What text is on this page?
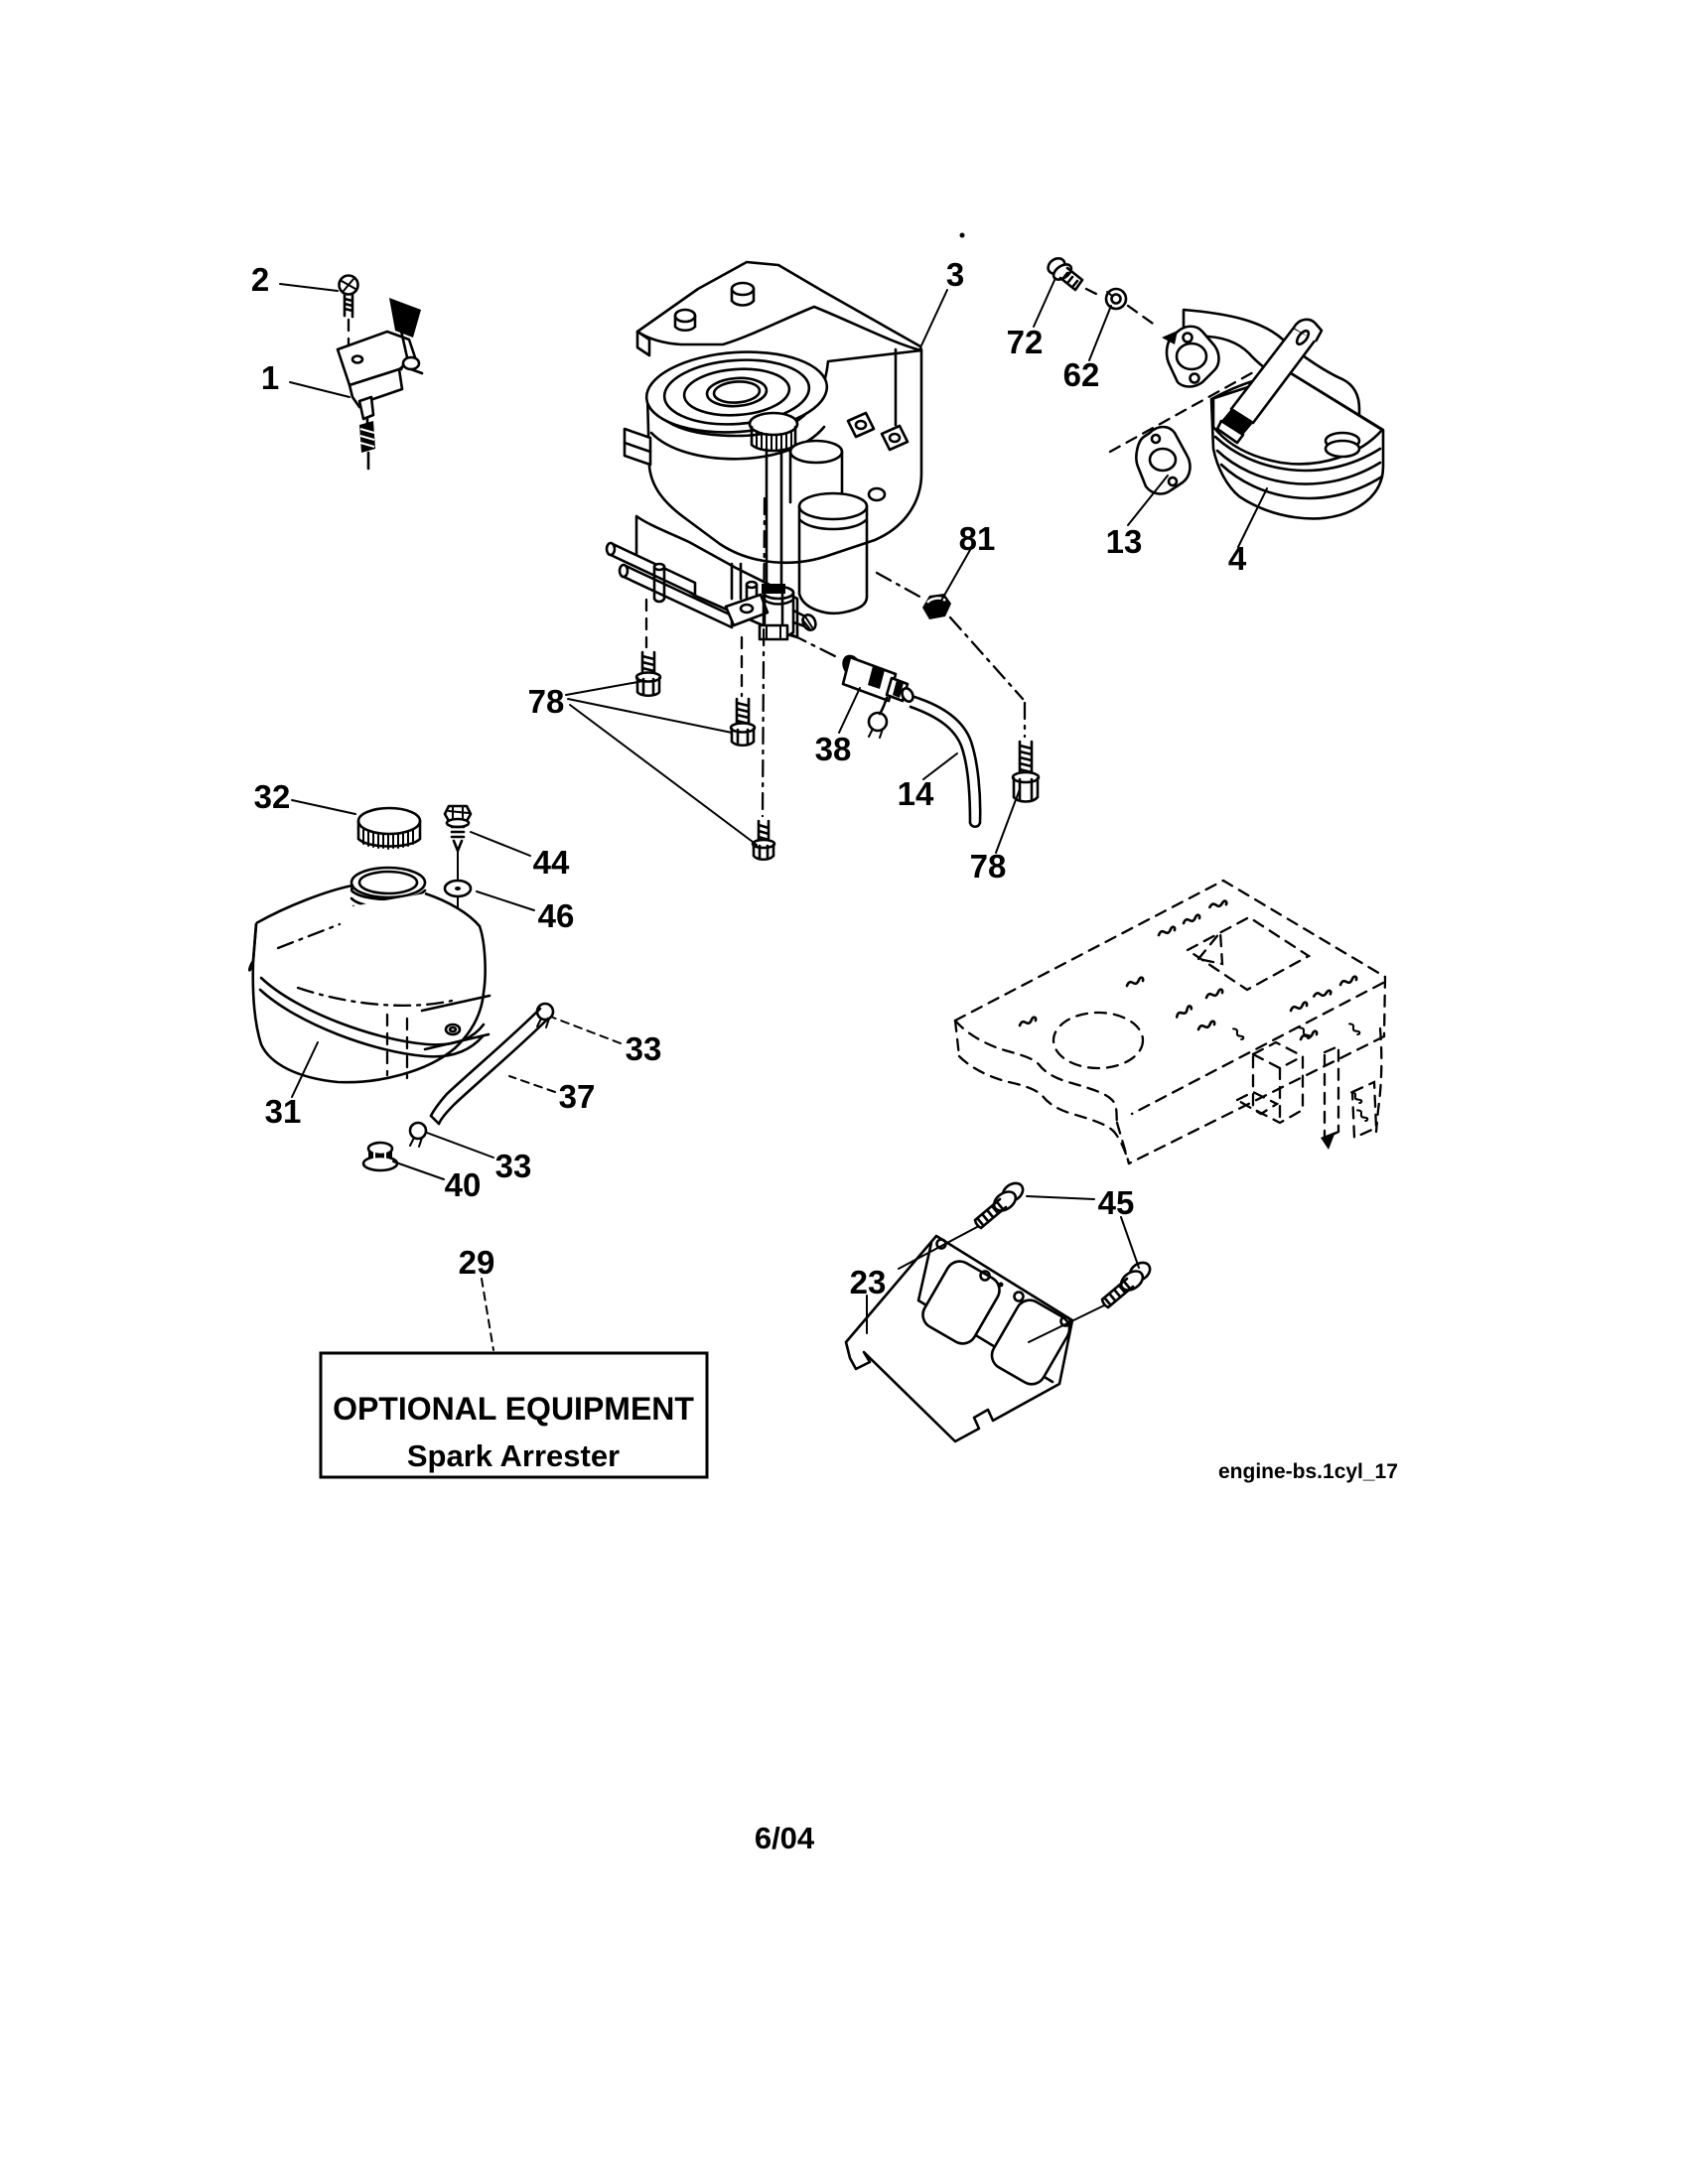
2
1
3
72
62
13	4
81
78
38
14
78
32
44
46
33
37
31
33
40
29
23
45
OPTIONAL EQUIPMENT
Spark Arrester	engine-bs.1cyl_17
6/04
